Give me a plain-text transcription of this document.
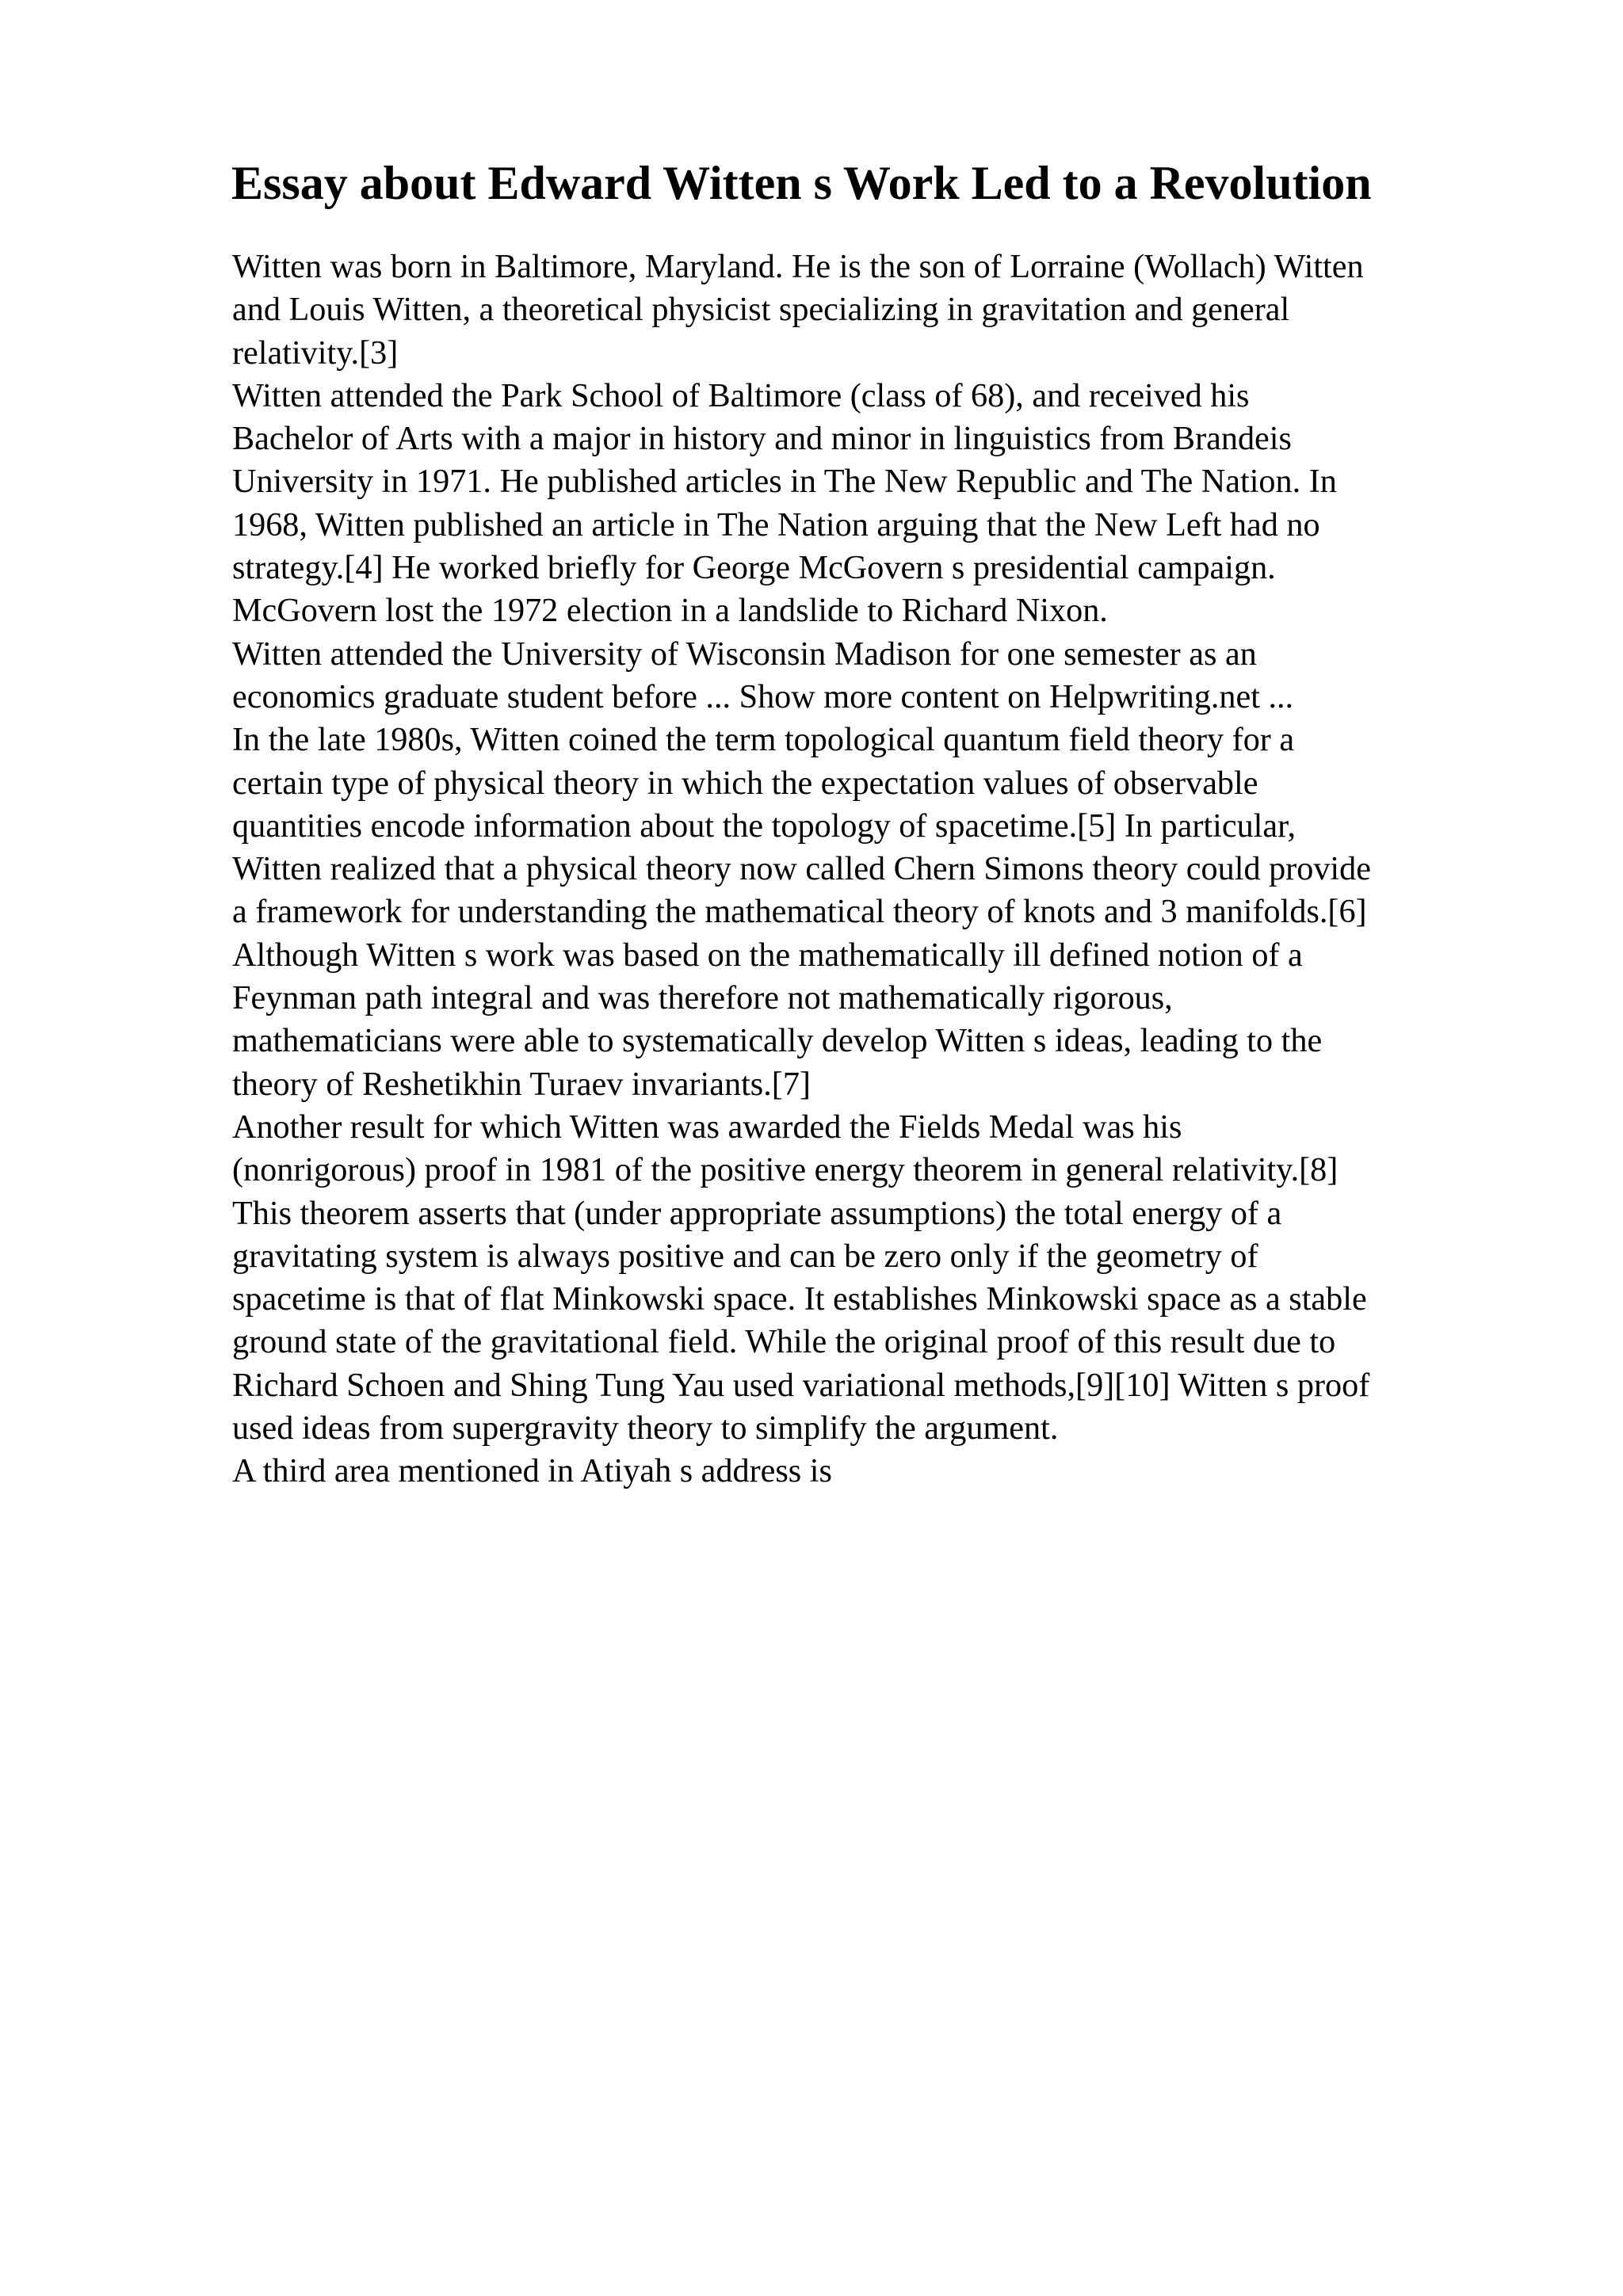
Essay about Edward Witten s Work Led to a Revolution
Witten was born in Baltimore, Maryland. He is the son of Lorraine (Wollach) Witten
and Louis Witten, a theoretical physicist specializing in gravitation and general
relativity.[3]
Witten attended the Park School of Baltimore (class of 68), and received his
Bachelor of Arts with a major in history and minor in linguistics from Brandeis
University in 1971. He published articles in The New Republic and The Nation. In
1968, Witten published an article in The Nation arguing that the New Left had no
strategy.[4] He worked briefly for George McGovern s presidential campaign.
McGovern lost the 1972 election in a landslide to Richard Nixon.
Witten attended the University of Wisconsin Madison for one semester as an
economics graduate student before ... Show more content on Helpwriting.net ...
In the late 1980s, Witten coined the term topological quantum field theory for a
certain type of physical theory in which the expectation values of observable
quantities encode information about the topology of spacetime.[5] In particular,
Witten realized that a physical theory now called Chern Simons theory could provide
a framework for understanding the mathematical theory of knots and 3 manifolds.[6]
Although Witten s work was based on the mathematically ill defined notion of a
Feynman path integral and was therefore not mathematically rigorous,
mathematicians were able to systematically develop Witten s ideas, leading to the
theory of Reshetikhin Turaev invariants.[7]
Another result for which Witten was awarded the Fields Medal was his
(nonrigorous) proof in 1981 of the positive energy theorem in general relativity.[8]
This theorem asserts that (under appropriate assumptions) the total energy of a
gravitating system is always positive and can be zero only if the geometry of
spacetime is that of flat Minkowski space. It establishes Minkowski space as a stable
ground state of the gravitational field. While the original proof of this result due to
Richard Schoen and Shing Tung Yau used variational methods,[9][10] Witten s proof
used ideas from supergravity theory to simplify the argument.
A third area mentioned in Atiyah s address is
